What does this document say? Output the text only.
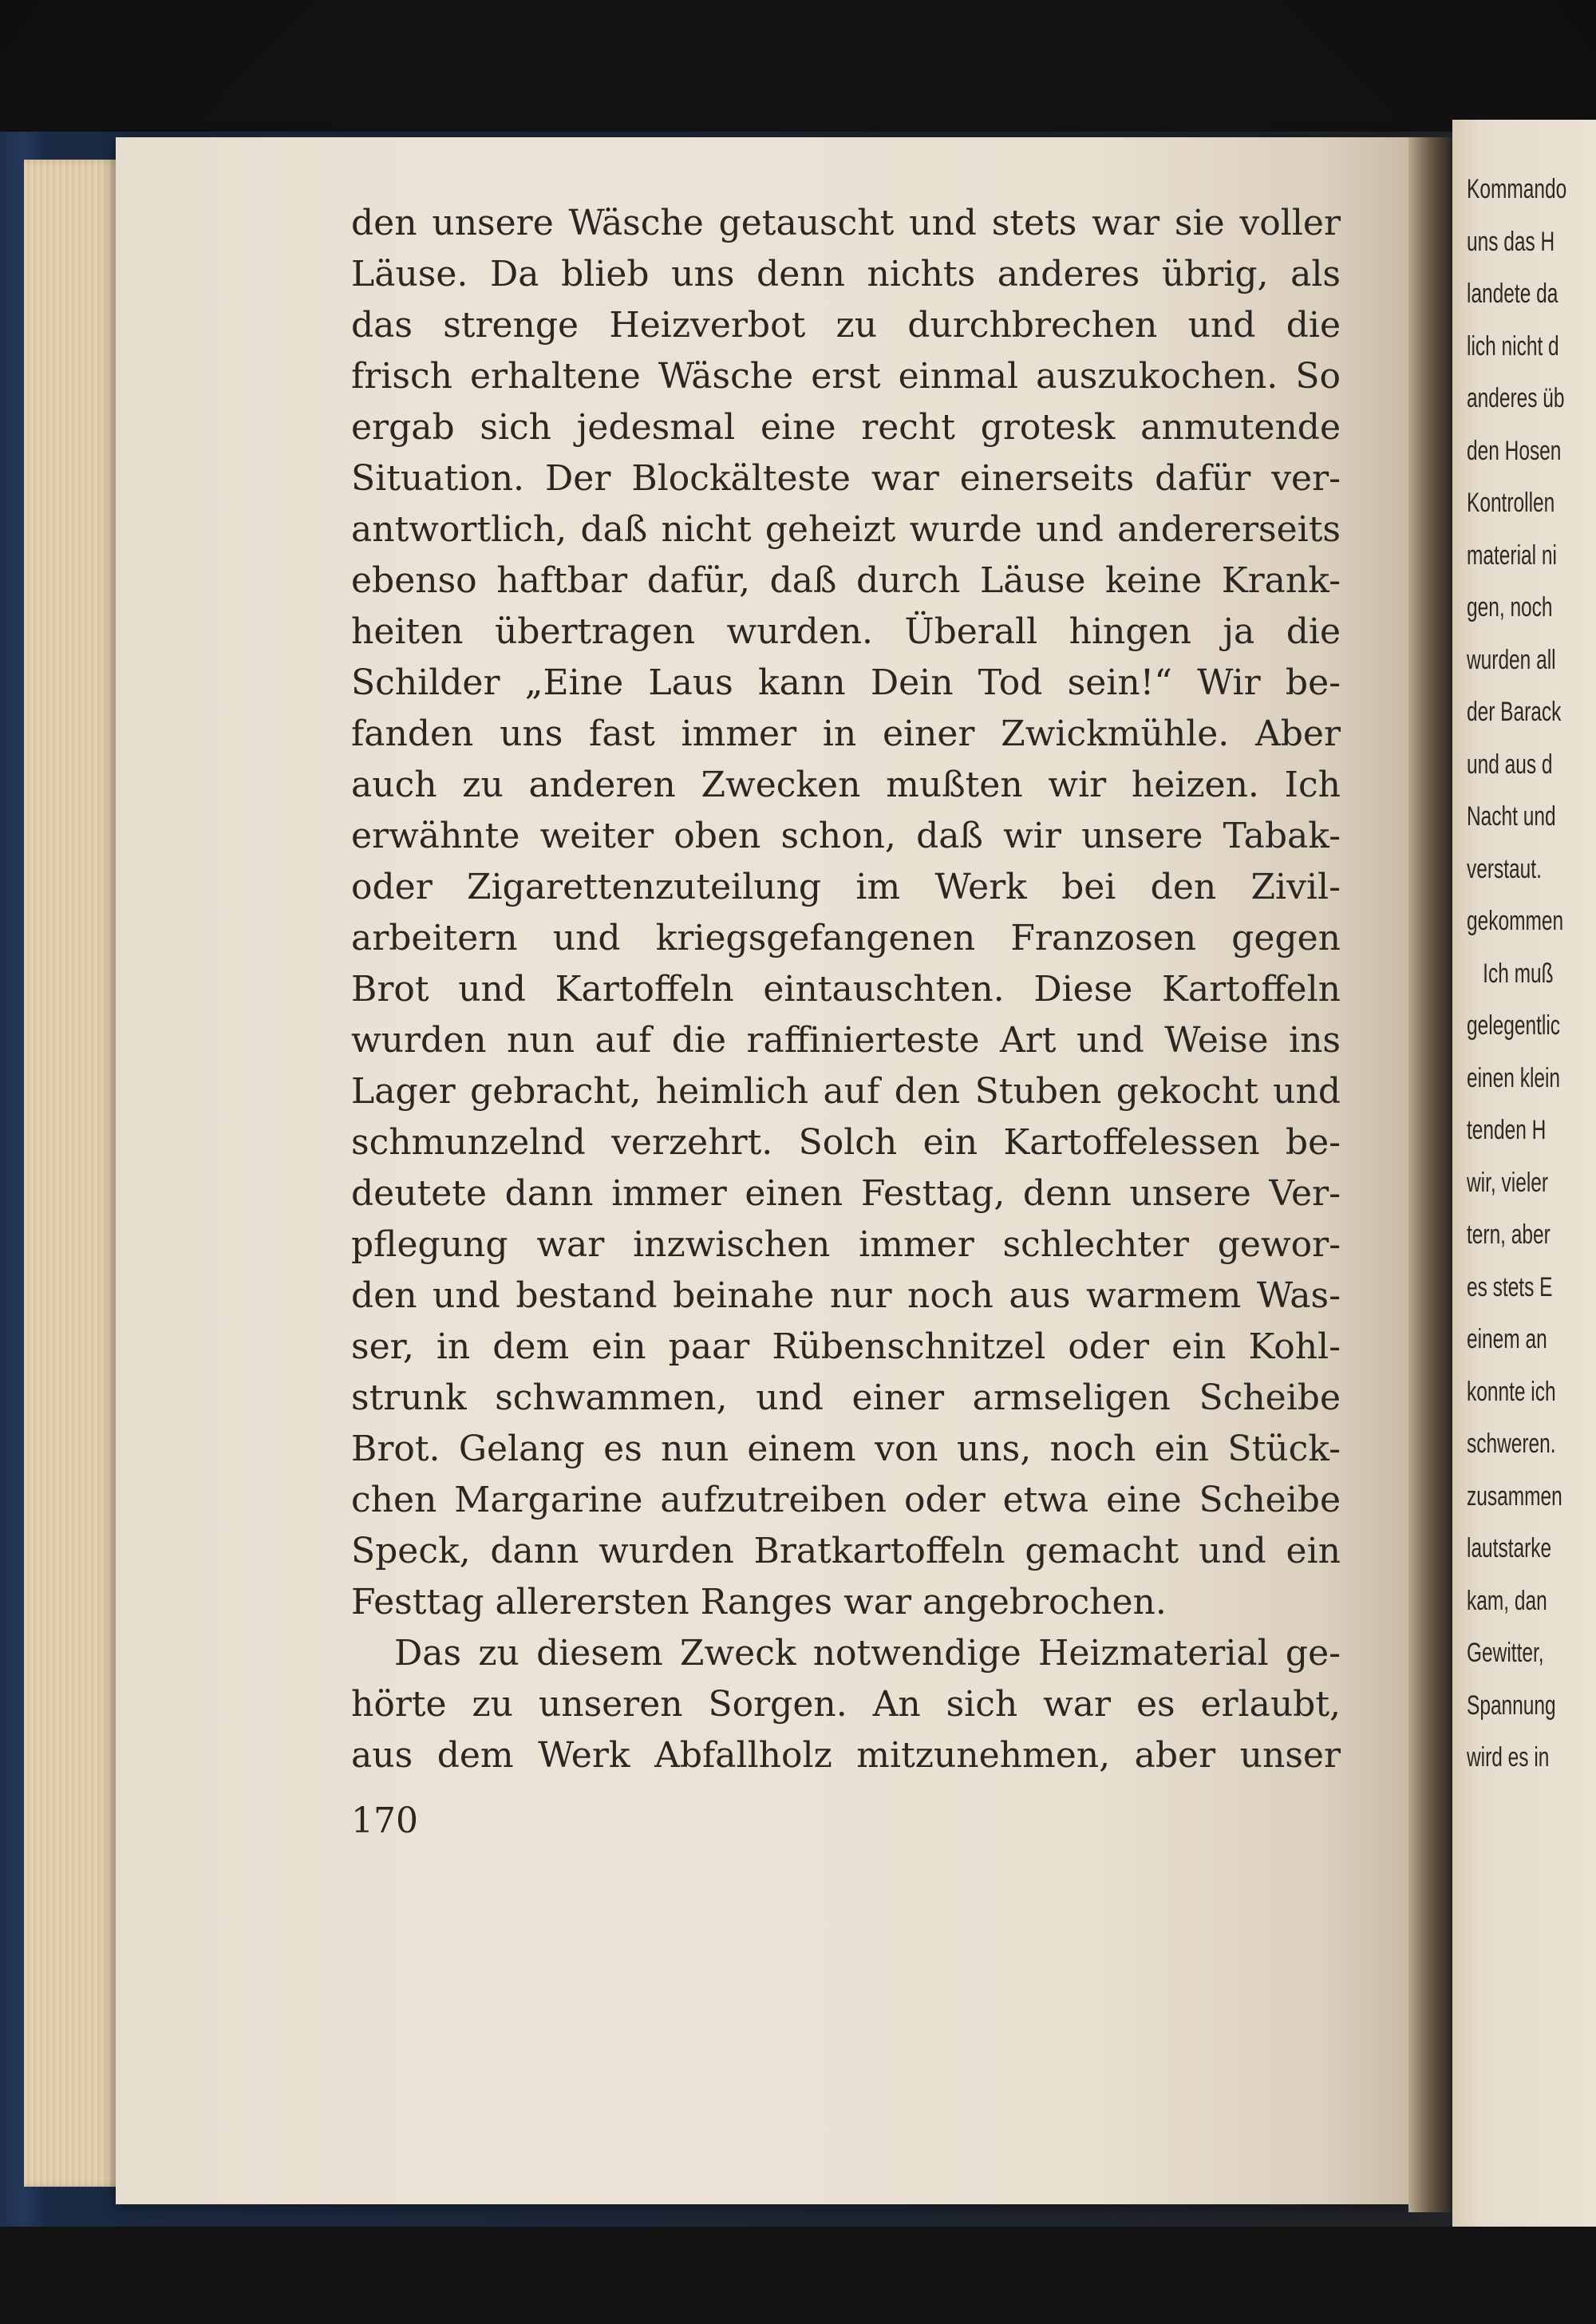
den unsere Wäsche getauscht und stets war sie voller
Läuse. Da blieb uns denn nichts anderes übrig, als
das strenge Heizverbot zu durchbrechen und die
frisch erhaltene Wäsche erst einmal auszukochen. So
ergab sich jedesmal eine recht grotesk anmutende
Situation. Der Blockälteste war einerseits dafür ver-
antwortlich, daß nicht geheizt wurde und andererseits
ebenso haftbar dafür, daß durch Läuse keine Krank-
heiten übertragen wurden. Überall hingen ja die
Schilder „Eine Laus kann Dein Tod sein!“ Wir be-
fanden uns fast immer in einer Zwickmühle. Aber
auch zu anderen Zwecken mußten wir heizen. Ich
erwähnte weiter oben schon, daß wir unsere Tabak-
oder Zigarettenzuteilung im Werk bei den Zivil-
arbeitern und kriegsgefangenen Franzosen gegen
Brot und Kartoffeln eintauschten. Diese Kartoffeln
wurden nun auf die raffinierteste Art und Weise ins
Lager gebracht, heimlich auf den Stuben gekocht und
schmunzelnd verzehrt. Solch ein Kartoffelessen be-
deutete dann immer einen Festtag, denn unsere Ver-
pflegung war inzwischen immer schlechter gewor-
den und bestand beinahe nur noch aus warmem Was-
ser, in dem ein paar Rübenschnitzel oder ein Kohl-
strunk schwammen, und einer armseligen Scheibe
Brot. Gelang es nun einem von uns, noch ein Stück-
chen Margarine aufzutreiben oder etwa eine Scheibe
Speck, dann wurden Bratkartoffeln gemacht und ein
Festtag allerersten Ranges war angebrochen.
Das zu diesem Zweck notwendige Heizmaterial ge-
hörte zu unseren Sorgen. An sich war es erlaubt,
aus dem Werk Abfallholz mitzunehmen, aber unser
170
Kommando
uns das H
landete da
lich nicht d
anderes üb
den Hosen
Kontrollen
material ni
gen, noch
wurden all
der Barack
und aus d
Nacht und
verstaut.
gekommen
Ich muß
gelegentlic
einen klein
tenden H
wir, vieler
tern, aber
es stets E
einem an
konnte ich
schweren.
zusammen
lautstarke
kam, dan
Gewitter,
Spannung
wird es in
